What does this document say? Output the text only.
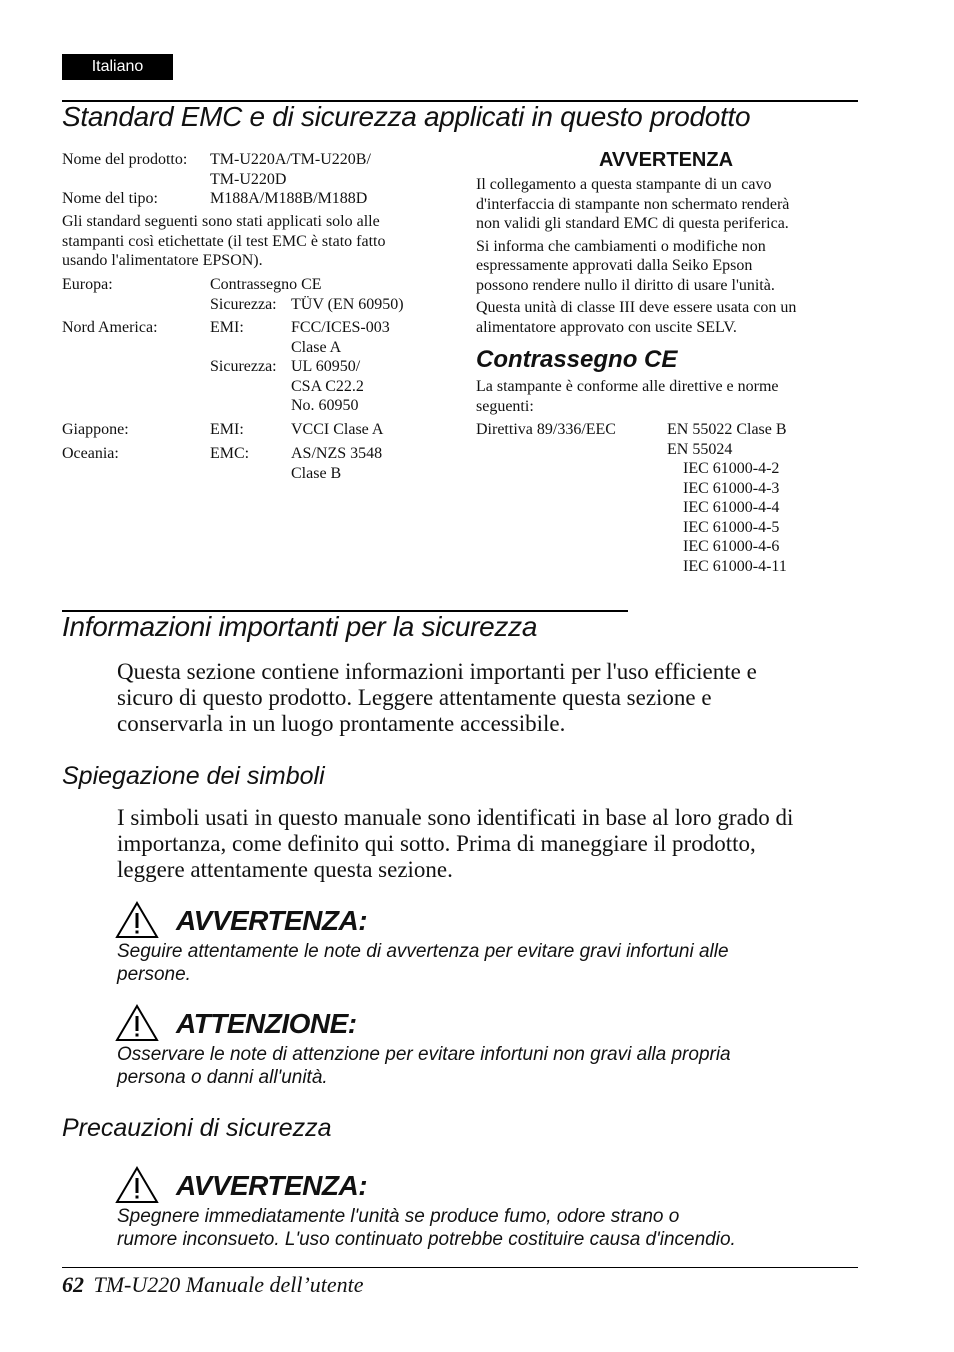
Italiano
Standard EMC e di sicurezza applicati in questo prodotto
Nome del prodotto: TM-U220A/TM-U220B/
TM-U220D
Nome del tipo:	M188A/M188B/M188D
Gli standard seguenti sono stati applicati solo alle
stampanti così etichettate (il test EMC è stato fatto
usando l'alimentatore EPSON).
Europa:	Contrassegno CE
Sicurezza: TÜV (EN 60950)
Nord America:	EMI:	FCC/ICES-003
Clase A
Sicurezza: UL 60950/
CSA C22.2
No. 60950
Giappone:	EMI:	VCCI Clase A
Oceania:	EMC:	AS/NZS 3548
Clase B
AVVERTENZA
Il collegamento a questa stampante di un cavo
d'interfaccia di stampante non schermato renderà
non validi gli standard EMC di questa periferica.
Si informa che cambiamenti o modifiche non
espressamente approvati dalla Seiko Epson
possono rendere nullo il diritto di usare l'unità.
Questa unità di classe III deve essere usata con un
alimentatore approvato con uscite SELV.
Contrassegno CE
La stampante è conforme alle direttive e norme
seguenti:
Direttiva 89/336/EEC	EN 55022 Clase B
EN 55024
IEC 61000-4-2
IEC 61000-4-3
IEC 61000-4-4
IEC 61000-4-5
IEC 61000-4-6
IEC 61000-4-11
Informazioni importanti per la sicurezza
Questa sezione contiene informazioni importanti per l'uso efficiente e
sicuro di questo prodotto. Leggere attentamente questa sezione e
conservarla in un luogo prontamente accessibile.
Spiegazione dei simboli
I simboli usati in questo manuale sono identificati in base al loro grado di
importanza, come definito qui sotto. Prima di maneggiare il prodotto,
leggere attentamente questa sezione.
AVVERTENZA:
Seguire attentamente le note di avvertenza per evitare gravi infortuni alle
persone.
ATTENZIONE:
Osservare le note di attenzione per evitare infortuni non gravi alla propria
persona o danni all'unità.
Precauzioni di sicurezza
AVVERTENZA:
Spegnere immediatamente l'unità se produce fumo, odore strano o
rumore inconsueto. L'uso continuato potrebbe costituire causa d'incendio.
62 TM-U220 Manuale dell’utente
